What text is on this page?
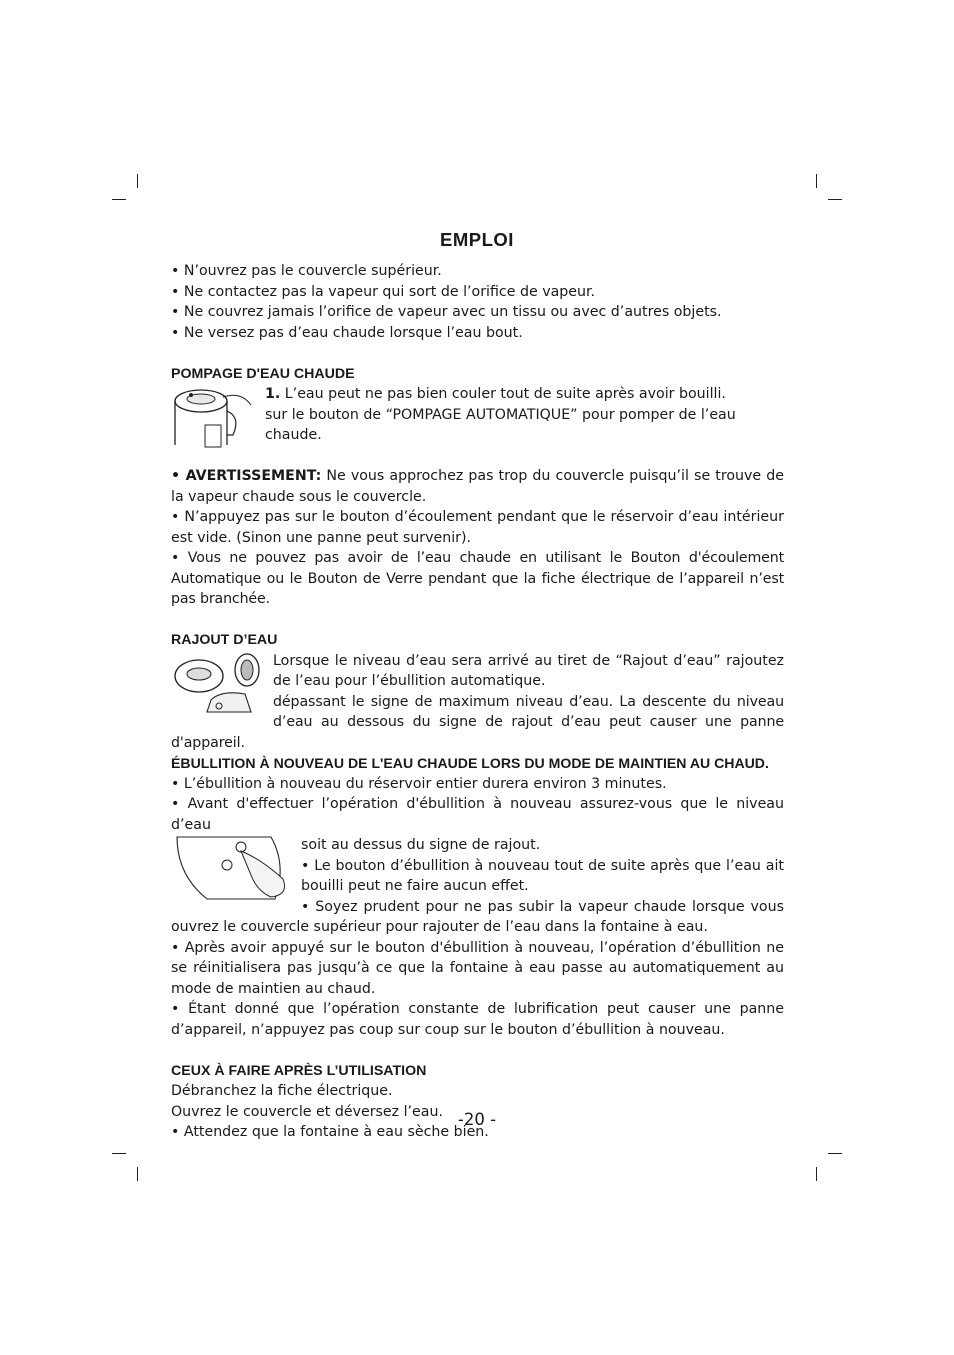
EMPLOI

• N’ouvrez pas le couvercle supérieur.

• Ne contactez pas la vapeur qui sort de l’orifice de vapeur.

• Ne couvrez jamais l’orifice de vapeur avec un tissu ou avec d’autres objets.

• Ne versez pas d’eau chaude lorsque l’eau bout.

POMPAGE D'EAU CHAUDE

1. L’eau peut ne pas bien couler tout de suite après avoir bouilli.

sur le bouton de “POMPAGE AUTOMATIQUE” pour pomper de l’eau chaude.

• AVERTISSEMENT: Ne vous approchez pas trop du couvercle puisqu’il se trouve de la vapeur chaude sous le couvercle.

• N’appuyez pas sur le bouton d’écoulement pendant que le réservoir d’eau intérieur est vide. (Sinon une panne peut survenir).

• Vous ne pouvez pas avoir de l’eau chaude en utilisant le Bouton d'écoulement Automatique ou le Bouton de Verre pendant que la fiche électrique de l’appareil n’est pas branchée.

RAJOUT D’EAU

Lorsque le niveau d’eau sera arrivé au tiret de “Rajout d’eau” rajoutez de l’eau pour l’ébullition automatique.

dépassant le signe de maximum niveau d’eau. La descente du niveau d’eau au dessous du signe de rajout d’eau peut causer une panne d'appareil.

ÉBULLITION À NOUVEAU DE L'EAU CHAUDE LORS DU MODE DE MAINTIEN AU CHAUD.

• L’ébullition à nouveau du réservoir entier durera environ 3 minutes.

• Avant d'effectuer l’opération d'ébullition à nouveau assurez-vous que le niveau d’eau

soit au dessus du signe de rajout.

• Le bouton d’ébullition à nouveau tout de suite après que l’eau ait bouilli peut ne faire aucun effet.

• Soyez prudent pour ne pas subir la vapeur chaude lorsque vous ouvrez le couvercle supérieur pour rajouter de l’eau dans la fontaine à eau.

• Après avoir appuyé sur le bouton d'ébullition à nouveau, l’opération d’ébullition ne se réinitialisera pas jusqu’à ce que la fontaine à eau passe au automatiquement au mode de maintien au chaud.

• Étant donné que l’opération constante de lubrification peut causer une panne d’appareil, n’appuyez pas coup sur coup sur le bouton d’ébullition à nouveau.

CEUX À FAIRE APRÈS L’UTILISATION

Débranchez la fiche électrique.

Ouvrez le couvercle et déversez l’eau.

• Attendez que la fontaine à eau sèche bien.

-20 -
